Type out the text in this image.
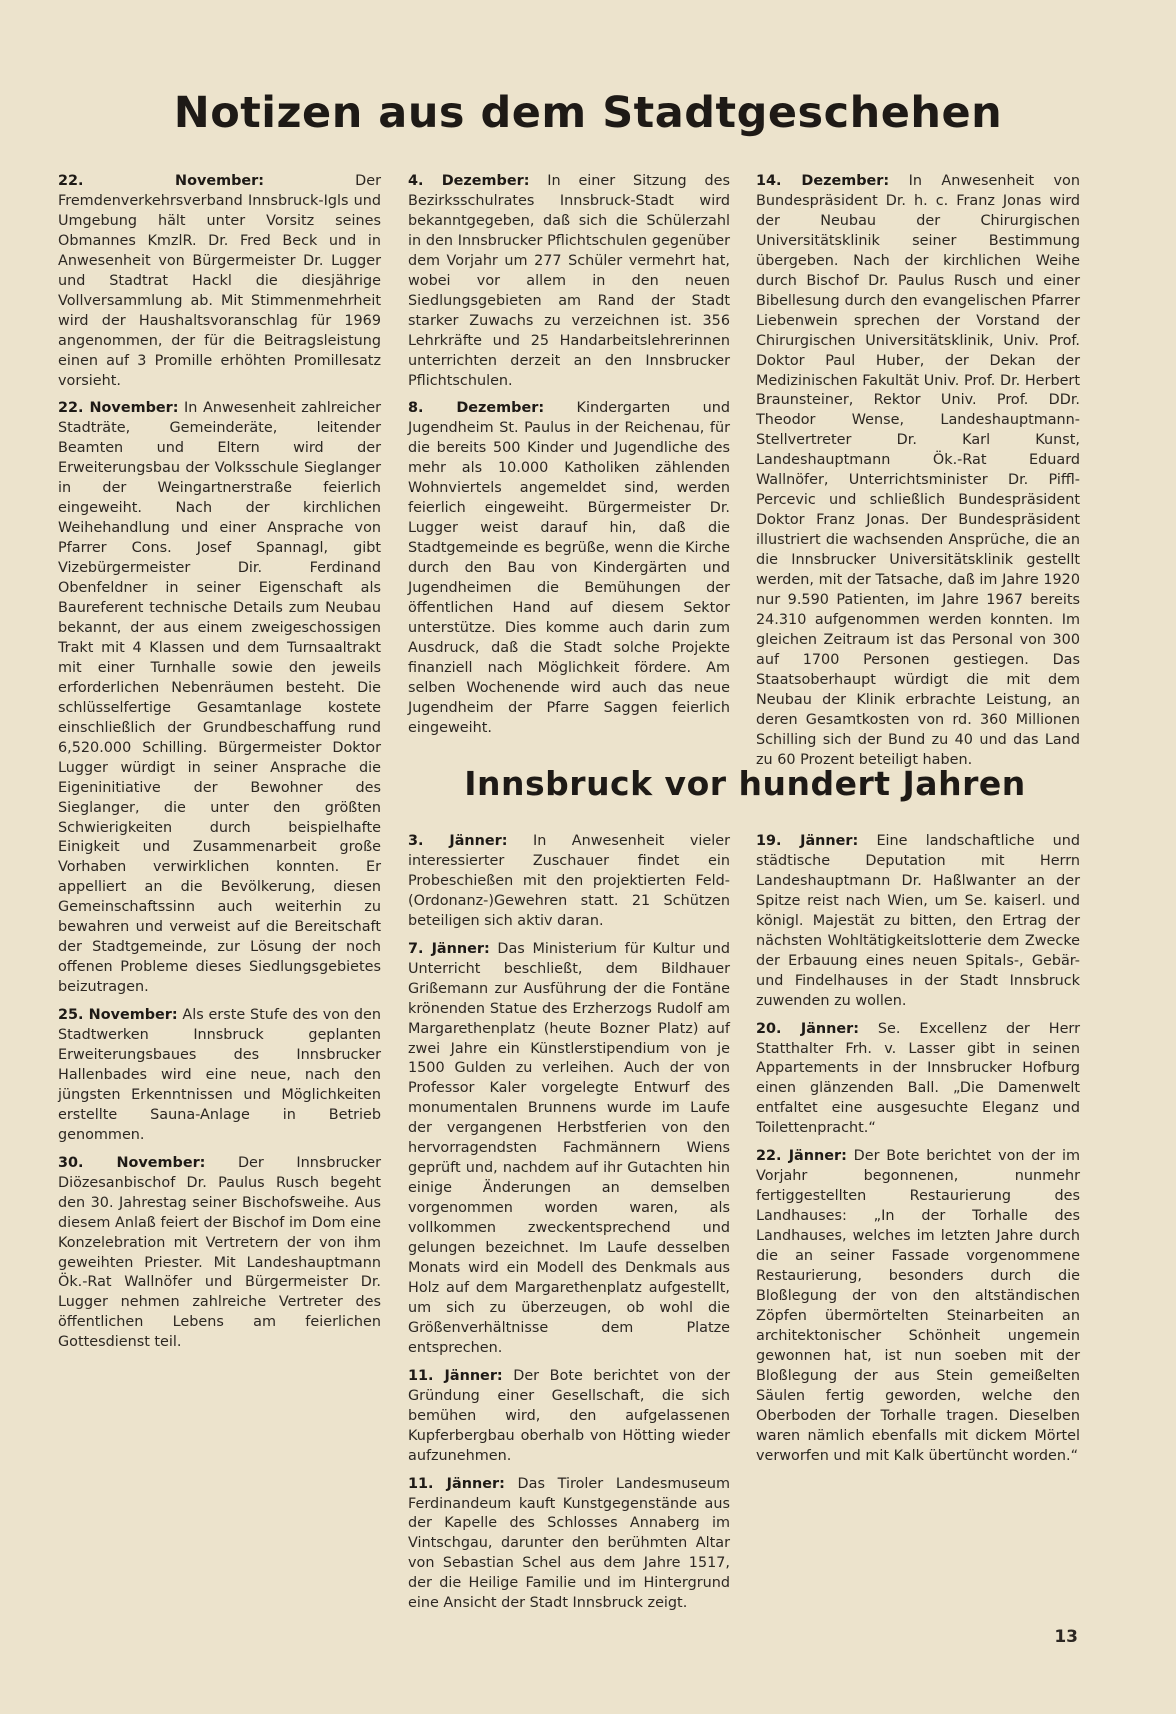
Notizen aus dem Stadtgeschehen

22. November: Der Fremdenverkehrsverband Innsbruck-Igls und Umgebung hält unter Vorsitz seines Obmannes KmzlR. Dr. Fred Beck und in Anwesenheit von Bürgermeister Dr. Lugger und Stadtrat Hackl die diesjährige Vollversammlung ab. Mit Stimmenmehrheit wird der Haushaltsvoranschlag für 1969 angenommen, der für die Beitragsleistung einen auf 3 Promille erhöhten Promillesatz vorsieht.

22. November: In Anwesenheit zahlreicher Stadträte, Gemeinderäte, leitender Beamten und Eltern wird der Erweiterungsbau der Volksschule Sieglanger in der Weingartnerstraße feierlich eingeweiht. Nach der kirchlichen Weihehandlung und einer Ansprache von Pfarrer Cons. Josef Spannagl, gibt Vizebürgermeister Dir. Ferdinand Obenfeldner in seiner Eigenschaft als Baureferent technische Details zum Neubau bekannt, der aus einem zweigeschossigen Trakt mit 4 Klassen und dem Turnsaaltrakt mit einer Turnhalle sowie den jeweils erforderlichen Nebenräumen besteht. Die schlüsselfertige Gesamtanlage kostete einschließlich der Grundbeschaffung rund 6,520.000 Schilling. Bürgermeister Doktor Lugger würdigt in seiner Ansprache die Eigeninitiative der Bewohner des Sieglanger, die unter den größten Schwierigkeiten durch beispielhafte Einigkeit und Zusammenarbeit große Vorhaben verwirklichen konnten. Er appelliert an die Bevölkerung, diesen Gemeinschaftssinn auch weiterhin zu bewahren und verweist auf die Bereitschaft der Stadtgemeinde, zur Lösung der noch offenen Probleme dieses Siedlungsgebietes beizutragen.

25. November: Als erste Stufe des von den Stadtwerken Innsbruck geplanten Erweiterungsbaues des Innsbrucker Hallenbades wird eine neue, nach den jüngsten Erkenntnissen und Möglichkeiten erstellte Sauna-Anlage in Betrieb genommen.

30. November: Der Innsbrucker Diözesanbischof Dr. Paulus Rusch begeht den 30. Jahrestag seiner Bischofsweihe. Aus diesem Anlaß feiert der Bischof im Dom eine Konzelebration mit Vertretern der von ihm geweihten Priester. Mit Landeshauptmann Ök.-Rat Wallnöfer und Bürgermeister Dr. Lugger nehmen zahlreiche Vertreter des öffentlichen Lebens am feierlichen Gottesdienst teil.

4. Dezember: In einer Sitzung des Bezirksschulrates Innsbruck-Stadt wird bekanntgegeben, daß sich die Schülerzahl in den Innsbrucker Pflichtschulen gegenüber dem Vorjahr um 277 Schüler vermehrt hat, wobei vor allem in den neuen Siedlungsgebieten am Rand der Stadt starker Zuwachs zu verzeichnen ist. 356 Lehrkräfte und 25 Handarbeitslehrerinnen unterrichten derzeit an den Innsbrucker Pflichtschulen.

8. Dezember: Kindergarten und Jugendheim St. Paulus in der Reichenau, für die bereits 500 Kinder und Jugendliche des mehr als 10.000 Katholiken zählenden Wohnviertels angemeldet sind, werden feierlich eingeweiht. Bürgermeister Dr. Lugger weist darauf hin, daß die Stadtgemeinde es begrüße, wenn die Kirche durch den Bau von Kindergärten und Jugendheimen die Bemühungen der öffentlichen Hand auf diesem Sektor unterstütze. Dies komme auch darin zum Ausdruck, daß die Stadt solche Projekte finanziell nach Möglichkeit fördere. Am selben Wochenende wird auch das neue Jugendheim der Pfarre Saggen feierlich eingeweiht.

14. Dezember: In Anwesenheit von Bundespräsident Dr. h. c. Franz Jonas wird der Neubau der Chirurgischen Universitätsklinik seiner Bestimmung übergeben. Nach der kirchlichen Weihe durch Bischof Dr. Paulus Rusch und einer Bibellesung durch den evangelischen Pfarrer Liebenwein sprechen der Vorstand der Chirurgischen Universitätsklinik, Univ. Prof. Doktor Paul Huber, der Dekan der Medizinischen Fakultät Univ. Prof. Dr. Herbert Braunsteiner, Rektor Univ. Prof. DDr. Theodor Wense, Landeshauptmann-Stellvertreter Dr. Karl Kunst, Landeshauptmann Ök.-Rat Eduard Wallnöfer, Unterrichtsminister Dr. Piffl-Percevic und schließlich Bundespräsident Doktor Franz Jonas. Der Bundespräsident illustriert die wachsenden Ansprüche, die an die Innsbrucker Universitätsklinik gestellt werden, mit der Tatsache, daß im Jahre 1920 nur 9.590 Patienten, im Jahre 1967 bereits 24.310 aufgenommen werden konnten. Im gleichen Zeitraum ist das Personal von 300 auf 1700 Personen gestiegen. Das Staatsoberhaupt würdigt die mit dem Neubau der Klinik erbrachte Leistung, an deren Gesamtkosten von rd. 360 Millionen Schilling sich der Bund zu 40 und das Land zu 60 Prozent beteiligt haben.

Innsbruck vor hundert Jahren

3. Jänner: In Anwesenheit vieler interessierter Zuschauer findet ein Probeschießen mit den projektierten Feld-(Ordonanz-)Gewehren statt. 21 Schützen beteiligen sich aktiv daran.

7. Jänner: Das Ministerium für Kultur und Unterricht beschließt, dem Bildhauer Grißemann zur Ausführung der die Fontäne krönenden Statue des Erzherzogs Rudolf am Margarethenplatz (heute Bozner Platz) auf zwei Jahre ein Künstlerstipendium von je 1500 Gulden zu verleihen. Auch der von Professor Kaler vorgelegte Entwurf des monumentalen Brunnens wurde im Laufe der vergangenen Herbstferien von den hervorragendsten Fachmännern Wiens geprüft und, nachdem auf ihr Gutachten hin einige Änderungen an demselben vorgenommen worden waren, als vollkommen zweckentsprechend und gelungen bezeichnet. Im Laufe desselben Monats wird ein Modell des Denkmals aus Holz auf dem Margarethenplatz aufgestellt, um sich zu überzeugen, ob wohl die Größenverhältnisse dem Platze entsprechen.

11. Jänner: Der Bote berichtet von der Gründung einer Gesellschaft, die sich bemühen wird, den aufgelassenen Kupferbergbau oberhalb von Hötting wieder aufzunehmen.

11. Jänner: Das Tiroler Landesmuseum Ferdinandeum kauft Kunstgegenstände aus der Kapelle des Schlosses Annaberg im Vintschgau, darunter den berühmten Altar von Sebastian Schel aus dem Jahre 1517, der die Heilige Familie und im Hintergrund eine Ansicht der Stadt Innsbruck zeigt.

19. Jänner: Eine landschaftliche und städtische Deputation mit Herrn Landeshauptmann Dr. Haßlwanter an der Spitze reist nach Wien, um Se. kaiserl. und königl. Majestät zu bitten, den Ertrag der nächsten Wohltätigkeitslotterie dem Zwecke der Erbauung eines neuen Spitals-, Gebär- und Findelhauses in der Stadt Innsbruck zuwenden zu wollen.

20. Jänner: Se. Excellenz der Herr Statthalter Frh. v. Lasser gibt in seinen Appartements in der Innsbrucker Hofburg einen glänzenden Ball. „Die Damenwelt entfaltet eine ausgesuchte Eleganz und Toilettenpracht.“

22. Jänner: Der Bote berichtet von der im Vorjahr begonnenen, nunmehr fertiggestellten Restaurierung des Landhauses: „In der Torhalle des Landhauses, welches im letzten Jahre durch die an seiner Fassade vorgenommene Restaurierung, besonders durch die Bloßlegung der von den altständischen Zöpfen übermörtelten Steinarbeiten an architektonischer Schönheit ungemein gewonnen hat, ist nun soeben mit der Bloßlegung der aus Stein gemeißelten Säulen fertig geworden, welche den Oberboden der Torhalle tragen. Dieselben waren nämlich ebenfalls mit dickem Mörtel verworfen und mit Kalk übertüncht worden.“

13
